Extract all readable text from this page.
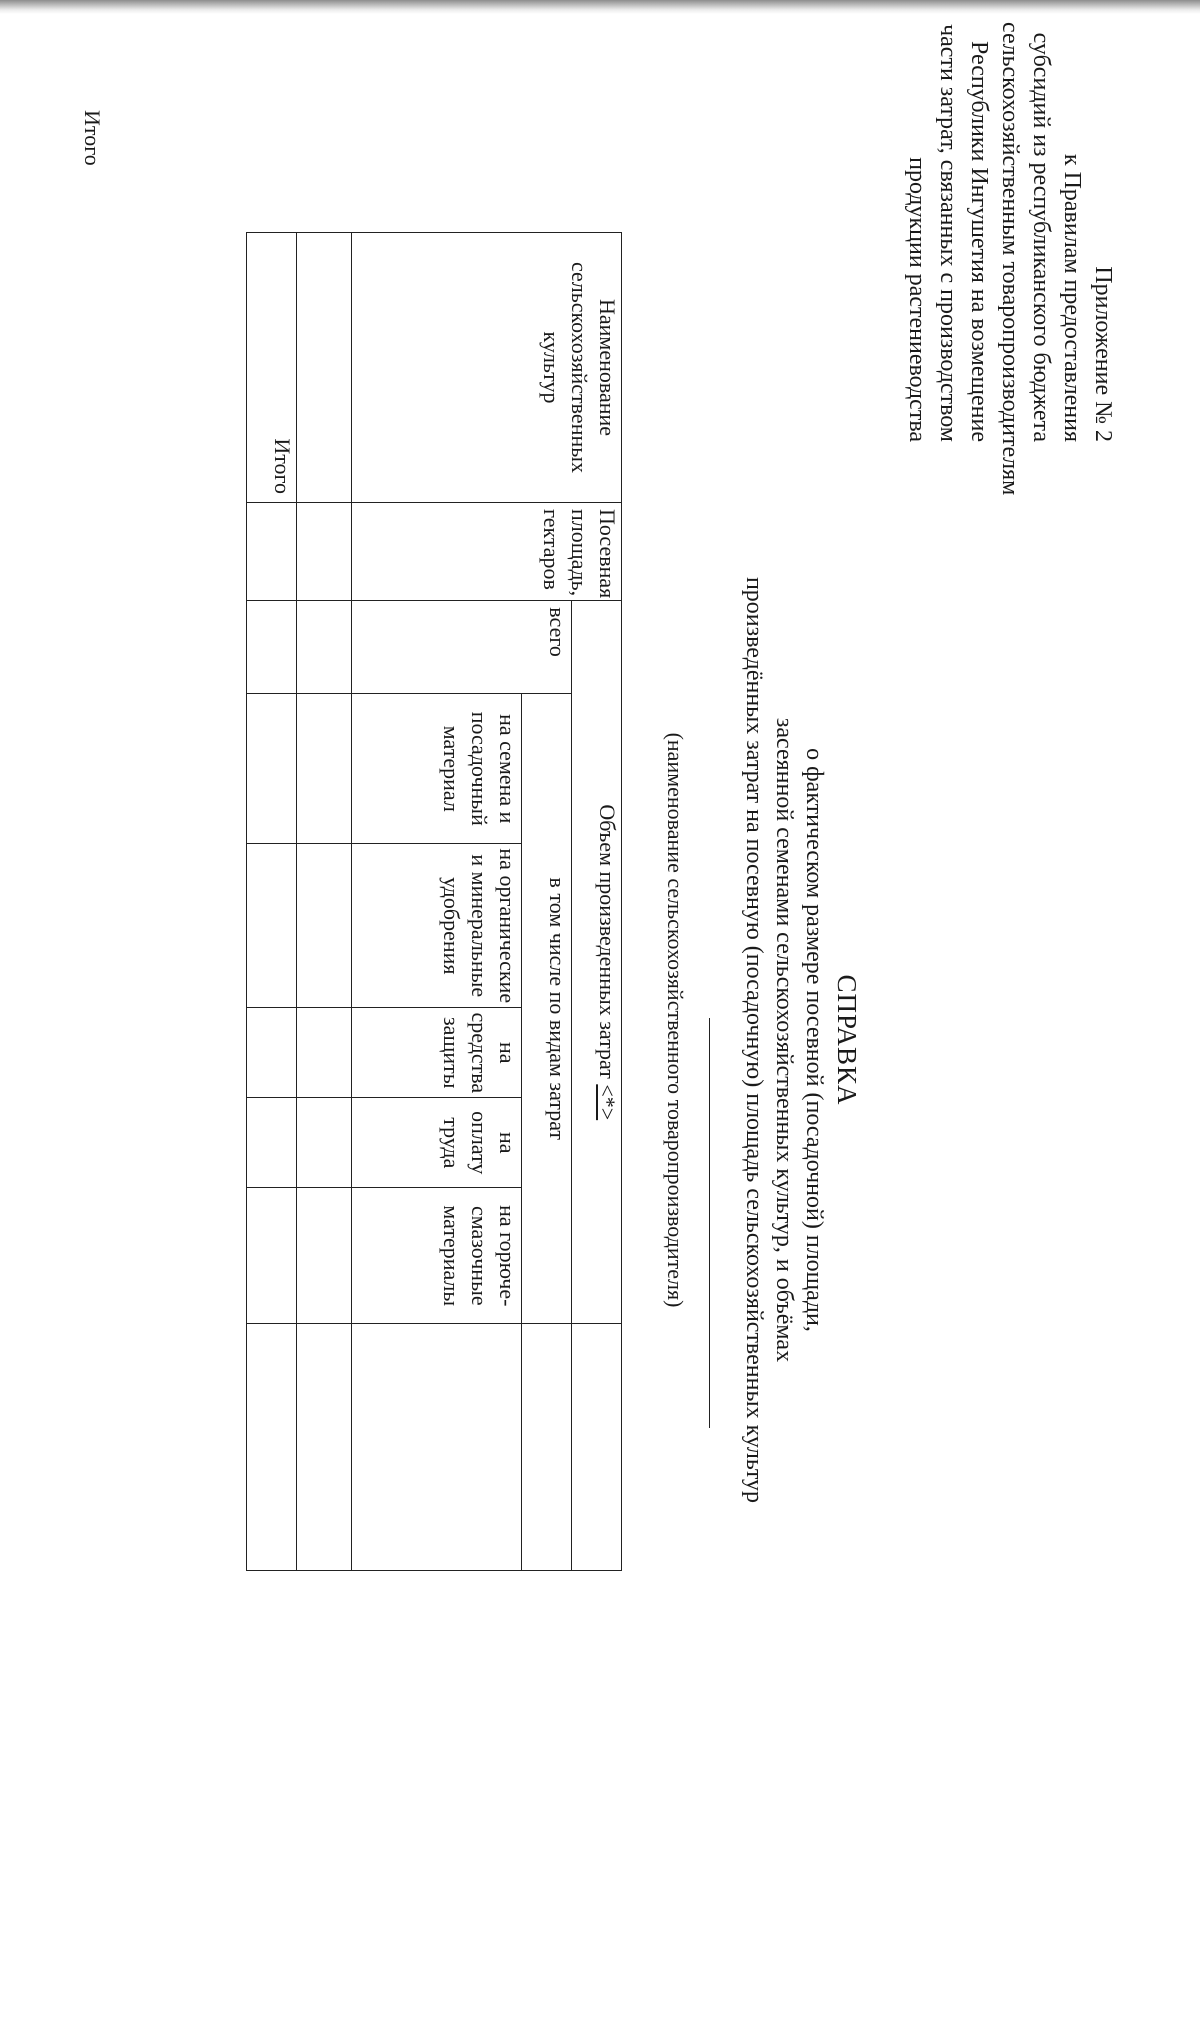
Приложение № 2
к Правилам предоставления
субсидий из республиканского бюджета
сельскохозяйственным товаропроизводителям
Республики Ингушетия на возмещение
части затрат, связанных с производством
продукции растениеводства
СПРАВКА
о фактическом размере посевной (посадочной) площади,
засеянной семенами сельскохозяйственных культур, и объёмах
произведённых затрат на посевную (посадочную) площадь сельскохозяйственных культур
(наименование сельскохозяйственного товаропроизводителя)
Наименование сельскохозяйственных культур	Посевная площадь, гектаров	Объем произведенных затрат <*>						
		всего	в том числе по видам затрат					
			на семена и посадочный материал	на органические и минеральные удобрения	на средства защиты	на оплату труда	на горюче-смазочные материалы	

Итого								
Итого
